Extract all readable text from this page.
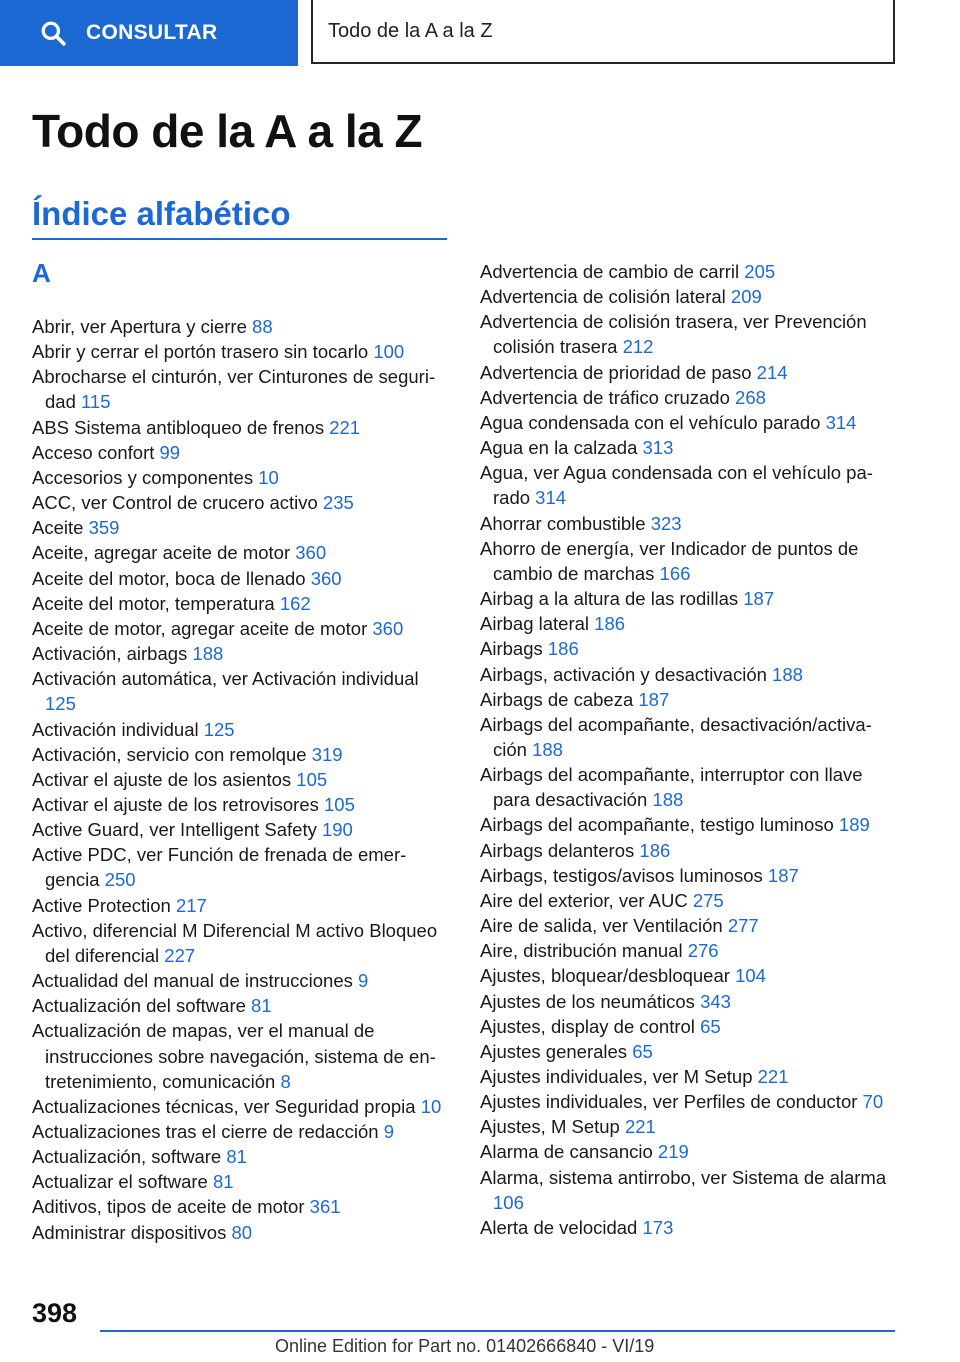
CONSULTAR	Todo de la A a la Z
Todo de la A a la Z
Índice alfabético
A
Abrir, ver Apertura y cierre 88
Abrir y cerrar el portón trasero sin tocarlo 100
Abrocharse el cinturón, ver Cinturones de seguridad 115
ABS Sistema antibloqueo de frenos 221
Acceso confort 99
Accesorios y componentes 10
ACC, ver Control de crucero activo 235
Aceite 359
Aceite, agregar aceite de motor 360
Aceite del motor, boca de llenado 360
Aceite del motor, temperatura 162
Aceite de motor, agregar aceite de motor 360
Activación, airbags 188
Activación automática, ver Activación individual 125
Activación individual 125
Activación, servicio con remolque 319
Activar el ajuste de los asientos 105
Activar el ajuste de los retrovisores 105
Active Guard, ver Intelligent Safety 190
Active PDC, ver Función de frenada de emergencia 250
Active Protection 217
Activo, diferencial M Diferencial M activo Bloqueo del diferencial 227
Actualidad del manual de instrucciones 9
Actualización del software 81
Actualización de mapas, ver el manual de instrucciones sobre navegación, sistema de entretenimiento, comunicación 8
Actualizaciones técnicas, ver Seguridad propia 10
Actualizaciones tras el cierre de redacción 9
Actualización, software 81
Actualizar el software 81
Aditivos, tipos de aceite de motor 361
Administrar dispositivos 80
Advertencia de cambio de carril 205
Advertencia de colisión lateral 209
Advertencia de colisión trasera, ver Prevención colisión trasera 212
Advertencia de prioridad de paso 214
Advertencia de tráfico cruzado 268
Agua condensada con el vehículo parado 314
Agua en la calzada 313
Agua, ver Agua condensada con el vehículo parado 314
Ahorrar combustible 323
Ahorro de energía, ver Indicador de puntos de cambio de marchas 166
Airbag a la altura de las rodillas 187
Airbag lateral 186
Airbags 186
Airbags, activación y desactivación 188
Airbags de cabeza 187
Airbags del acompañante, desactivación/activación 188
Airbags del acompañante, interruptor con llave para desactivación 188
Airbags del acompañante, testigo luminoso 189
Airbags delanteros 186
Airbags, testigos/avisos luminosos 187
Aire del exterior, ver AUC 275
Aire de salida, ver Ventilación 277
Aire, distribución manual 276
Ajustes, bloquear/desbloquear 104
Ajustes de los neumáticos 343
Ajustes, display de control 65
Ajustes generales 65
Ajustes individuales, ver M Setup 221
Ajustes individuales, ver Perfiles de conductor 70
Ajustes, M Setup 221
Alarma de cansancio 219
Alarma, sistema antirrobo, ver Sistema de alarma 106
Alerta de velocidad 173
398
Online Edition for Part no. 01402666840 - VI/19
